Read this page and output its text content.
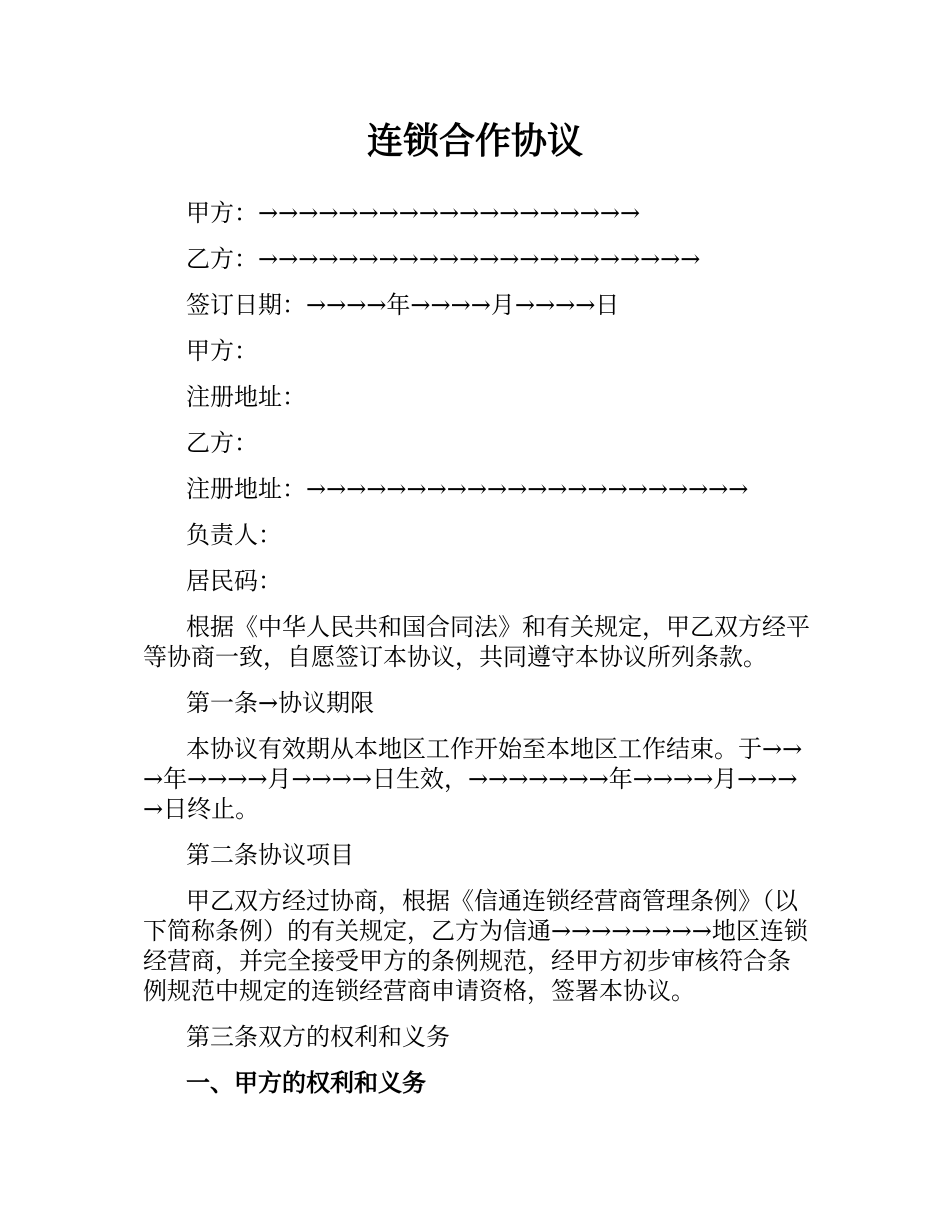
连锁合作协议

甲方：→→→→→→→→→→→→→→→→→→→

乙方：→→→→→→→→→→→→→→→→→→→→→→

签订日期：→→→→年→→→→月→→→→日

甲方：

注册地址：

乙方：

注册地址：→→→→→→→→→→→→→→→→→→→→→→

负责人：

居民码：

根据《中华人民共和国合同法》和有关规定，甲乙双方经平等协商一致，自愿签订本协议，共同遵守本协议所列条款。

第一条→协议期限

本协议有效期从本地区工作开始至本地区工作结束。于→→→年→→→→月→→→→日生效，→→→→→→→年→→→→月→→→→日终止。

第二条协议项目

甲乙双方经过协商，根据《信通连锁经营商管理条例》（以下简称条例）的有关规定，乙方为信通→→→→→→→→地区连锁经营商，并完全接受甲方的条例规范，经甲方初步审核符合条例规范中规定的连锁经营商申请资格，签署本协议。

第三条双方的权利和义务

一、甲方的权利和义务
